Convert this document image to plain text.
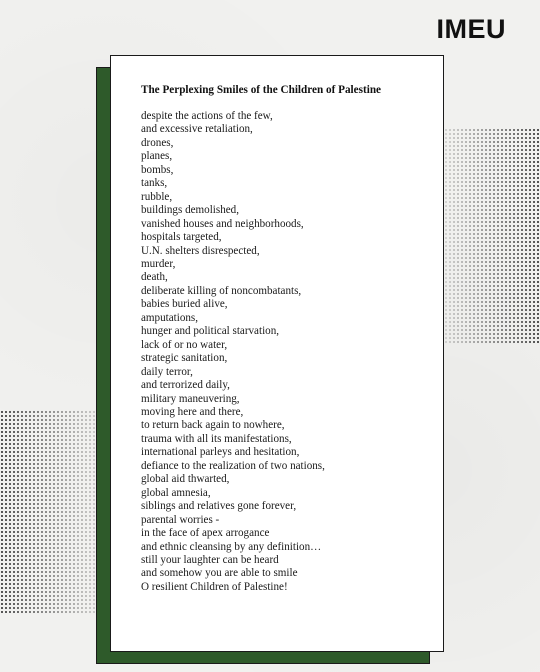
IMEU
The Perplexing Smiles of the Children of Palestine
despite the actions of the few,
and excessive retaliation,
drones,
planes,
bombs,
tanks,
rubble,
buildings demolished,
vanished houses and neighborhoods,
hospitals targeted,
U.N. shelters disrespected,
murder,
death,
deliberate killing of noncombatants,
babies buried alive,
amputations,
hunger and political starvation,
lack of or no water,
strategic sanitation,
daily terror,
and terrorized daily,
military maneuvering,
moving here and there,
to return back again to nowhere,
trauma with all its manifestations,
international parleys and hesitation,
defiance to the realization of two nations,
global aid thwarted,
global amnesia,
siblings and relatives gone forever,
parental worries -
in the face of apex arrogance
and ethnic cleansing by any definition…
still your laughter can be heard
and somehow you are able to smile
O resilient Children of Palestine!
